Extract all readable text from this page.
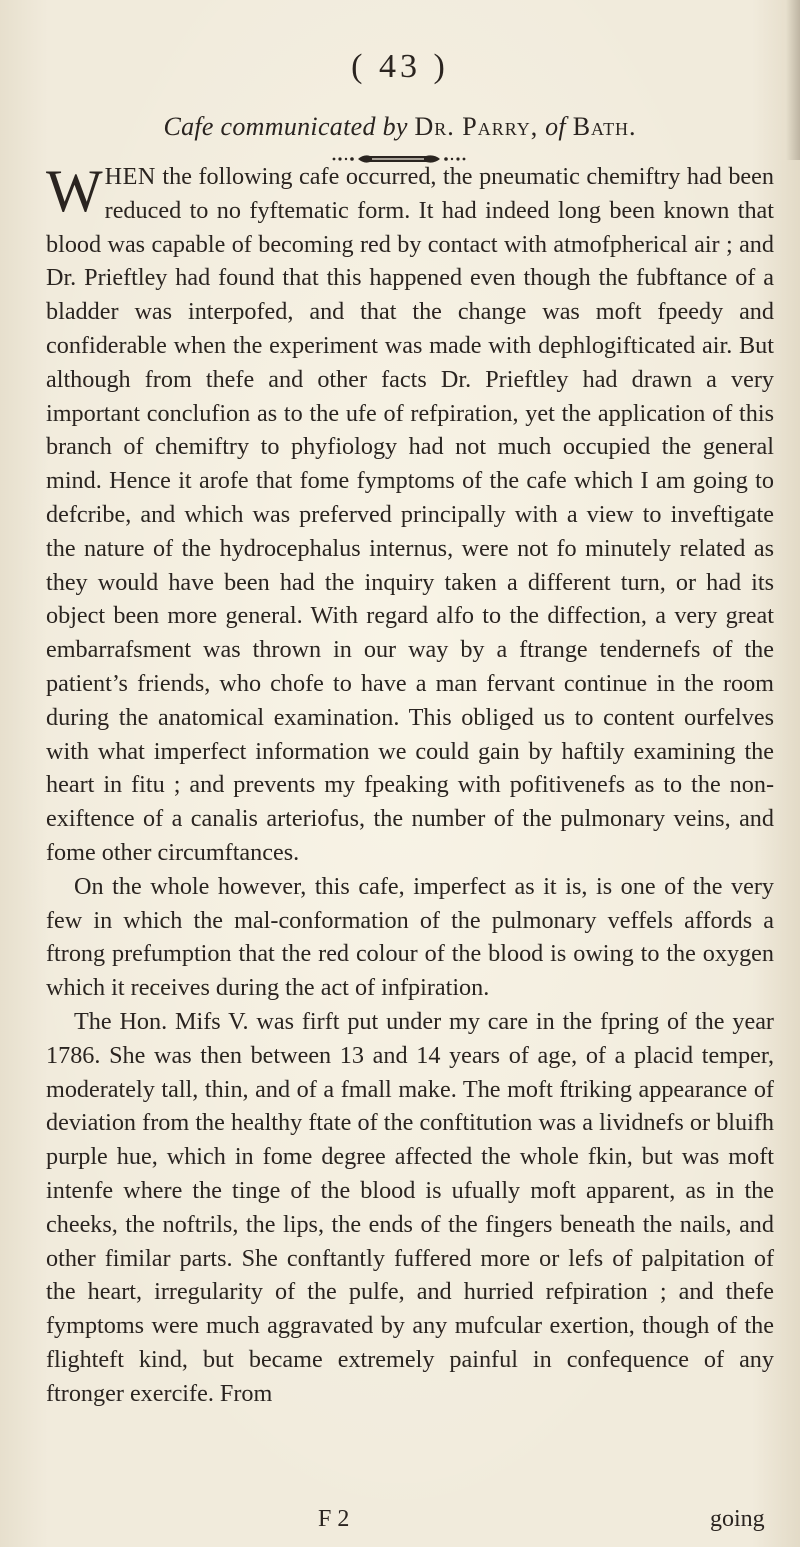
( 43 )
Cafe communicated by Dr. Parry, of Bath.

WHEN the following cafe occurred, the pneumatic chemiftry had been reduced to no fyftematic form. It had indeed long been known that blood was capable of becoming red by contact with atmofpherical air ; and Dr. Prieftley had found that this happened even though the fubftance of a bladder was interpofed, and that the change was moft fpeedy and confiderable when the experiment was made with dephlogifticated air. But although from thefe and other facts Dr. Prieftley had drawn a very important conclufion as to the ufe of refpiration, yet the application of this branch of chemiftry to phyfiology had not much occupied the general mind. Hence it arofe that fome fymptoms of the cafe which I am going to defcribe, and which was preferved principally with a view to inveftigate the nature of the hydrocephalus internus, were not fo minutely related as they would have been had the inquiry taken a different turn, or had its object been more general. With regard alfo to the diffection, a very great embarrafsment was thrown in our way by a ftrange tendernefs of the patient’s friends, who chofe to have a man fervant continue in the room during the anatomical examination. This obliged us to content ourfelves with what imperfect information we could gain by haftily examining the heart in fitu ; and prevents my fpeaking with pofitivenefs as to the non-exiftence of a canalis arteriofus, the number of the pulmonary veins, and fome other circumftances.

On the whole however, this cafe, imperfect as it is, is one of the very few in which the mal-conformation of the pulmonary veffels affords a ftrong prefumption that the red colour of the blood is owing to the oxygen which it receives during the act of infpiration.

The Hon. Mifs V. was firft put under my care in the fpring of the year 1786. She was then between 13 and 14 years of age, of a placid temper, moderately tall, thin, and of a fmall make. The moft ftriking appearance of deviation from the healthy ftate of the conftitution was a lividnefs or bluifh purple hue, which in fome degree affected the whole fkin, but was moft intenfe where the tinge of the blood is ufually moft apparent, as in the cheeks, the noftrils, the lips, the ends of the fingers beneath the nails, and other fimilar parts. She conftantly fuffered more or lefs of palpitation of the heart, irregularity of the pulfe, and hurried refpiration ; and thefe fymptoms were much aggravated by any mufcular exertion, though of the flighteft kind, but became extremely painful in confequence of any ftronger exercife. From

F 2	going
